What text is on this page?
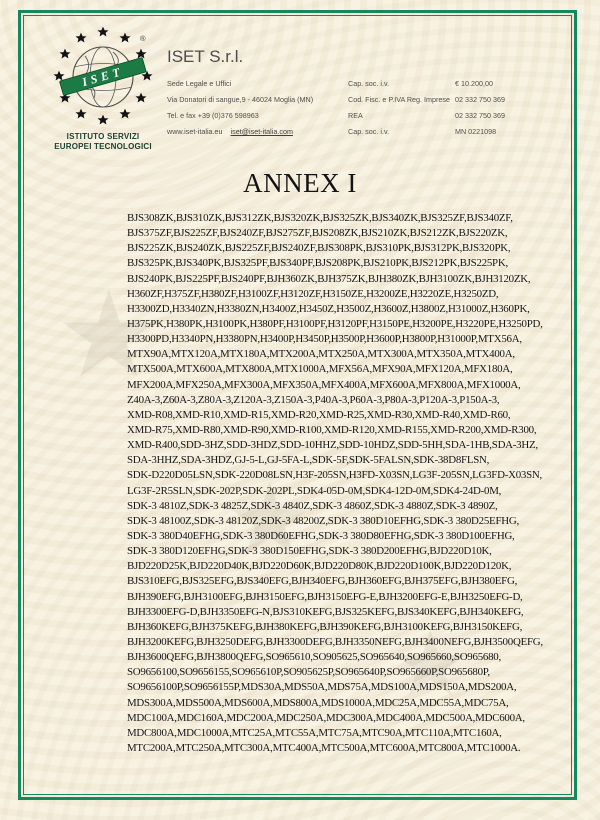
★
★
★
ISET
®
ISTITUTO SERVIZI
EUROPEI TECNOLOGICI
ISET S.r.l.
Sede Legale e Uffici
Via Donatori di sangue,9 - 46024 Moglia (MN)
Tel. e fax +39 (0)376 598963
www.iset-italia.eu iset@iset-italia.com
Cap. soc. i.v.	€ 10.200,00
Cod. Fisc. e P.IVA Reg. Imprese 02 332 750 369
REA	02 332 750 369
Cap. soc. i.v.	MN 0221098
ANNEX I
BJS308ZK,BJS310ZK,BJS312ZK,BJS320ZK,BJS325ZK,BJS340ZK,BJS325ZF,BJS340ZF,
BJS375ZF,BJS225ZF,BJS240ZF,BJS275ZF,BJS208ZK,BJS210ZK,BJS212ZK,BJS220ZK,
BJS225ZK,BJS240ZK,BJS225ZF,BJS240ZF,BJS308PK,BJS310PK,BJS312PK,BJS320PK,
BJS325PK,BJS340PK,BJS325PF,BJS340PF,BJS208PK,BJS210PK,BJS212PK,BJS225PK,
BJS240PK,BJS225PF,BJS240PF,BJH360ZK,BJH375ZK,BJH380ZK,BJH3100ZK,BJH3120ZK,
H360ZF,H375ZF,H380ZF,H3100ZF,H3120ZF,H3150ZE,H3200ZE,H3220ZE,H3250ZD,
H3300ZD,H3340ZN,H3380ZN,H3400Z,H3450Z,H3500Z,H3600Z,H3800Z,H31000Z,H360PK,
H375PK,H380PK,H3100PK,H380PF,H3100PF,H3120PF,H3150PE,H3200PE,H3220PE,H3250PD,
H3300PD,H3340PN,H3380PN,H3400P,H3450P,H3500P,H3600P,H3800P,H31000P,MTX56A,
MTX90A,MTX120A,MTX180A,MTX200A,MTX250A,MTX300A,MTX350A,MTX400A,
MTX500A,MTX600A,MTX800A,MTX1000A,MFX56A,MFX90A,MFX120A,MFX180A,
MFX200A,MFX250A,MFX300A,MFX350A,MFX400A,MFX600A,MFX800A,MFX1000A,
Z40A-3,Z60A-3,Z80A-3,Z120A-3,Z150A-3,P40A-3,P60A-3,P80A-3,P120A-3,P150A-3,
XMD-R08,XMD-R10,XMD-R15,XMD-R20,XMD-R25,XMD-R30,XMD-R40,XMD-R60,
XMD-R75,XMD-R80,XMD-R90,XMD-R100,XMD-R120,XMD-R155,XMD-R200,XMD-R300,
XMD-R400,SDD-3HZ,SDD-3HDZ,SDD-10HHZ,SDD-10HDZ,SDD-5HH,SDA-1HB,SDA-3HZ,
SDA-3HHZ,SDA-3HDZ,GJ-5-L,GJ-5FA-L,SDK-5F,SDK-5FALSN,SDK-38D8FLSN,
SDK-D220D05LSN,SDK-220D08LSN,H3F-205SN,H3FD-X03SN,LG3F-205SN,LG3FD-X03SN,
LG3F-2R5SLN,SDK-202P,SDK-202PL,SDK4-05D-0M,SDK4-12D-0M,SDK4-24D-0M,
SDK-3 4810Z,SDK-3 4825Z,SDK-3 4840Z,SDK-3 4860Z,SDK-3 4880Z,SDK-3 4890Z,
SDK-3 48100Z,SDK-3 48120Z,SDK-3 48200Z,SDK-3 380D10EFHG,SDK-3 380D25EFHG,
SDK-3 380D40EFHG,SDK-3 380D60EFHG,SDK-3 380D80EFHG,SDK-3 380D100EFHG,
SDK-3 380D120EFHG,SDK-3 380D150EFHG,SDK-3 380D200EFHG,BJD220D10K,
BJD220D25K,BJD220D40K,BJD220D60K,BJD220D80K,BJD220D100K,BJD220D120K,
BJS310EFG,BJS325EFG,BJS340EFG,BJH340EFG,BJH360EFG,BJH375EFG,BJH380EFG,
BJH390EFG,BJH3100EFG,BJH3150EFG,BJH3150EFG-E,BJH3200EFG-E,BJH3250EFG-D,
BJH3300EFG-D,BJH3350EFG-N,BJS310KEFG,BJS325KEFG,BJS340KEFG,BJH340KEFG,
BJH360KEFG,BJH375KEFG,BJH380KEFG,BJH390KEFG,BJH3100KEFG,BJH3150KEFG,
BJH3200KEFG,BJH3250DEFG,BJH3300DEFG,BJH3350NEFG,BJH3400NEFG,BJH3500QEFG,
BJH3600QEFG,BJH3800QEFG,SO965610,SO905625,SO965640,SO965660,SO965680,
SO9656100,SO9656155,SO965610P,SO905625P,SO965640P,SO965660P,SO965680P,
SO9656100P,SO9656155P,MDS30A,MDS50A,MDS75A,MDS100A,MDS150A,MDS200A,
MDS300A,MDS500A,MDS600A,MDS800A,MDS1000A,MDC25A,MDC55A,MDC75A,
MDC100A,MDC160A,MDC200A,MDC250A,MDC300A,MDC400A,MDC500A,MDC600A,
MDC800A,MDC1000A,MTC25A,MTC55A,MTC75A,MTC90A,MTC110A,MTC160A,
MTC200A,MTC250A,MTC300A,MTC400A,MTC500A,MTC600A,MTC800A,MTC1000A.
